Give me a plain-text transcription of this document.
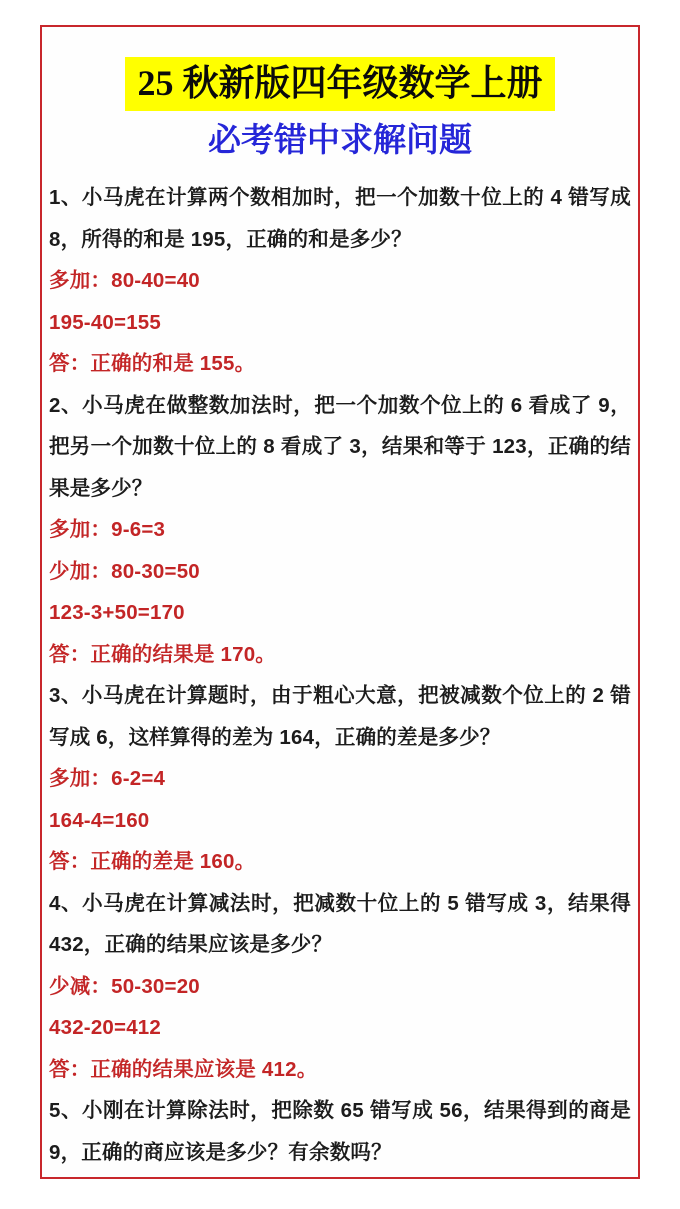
25 秋新版四年级数学上册
必考错中求解问题
1、小马虎在计算两个数相加时，把一个加数十位上的 4 错写成
8，所得的和是 195，正确的和是多少？
多加：80-40=40
195-40=155
答：正确的和是 155。
2、小马虎在做整数加法时，把一个加数个位上的 6 看成了 9，
把另一个加数十位上的 8 看成了 3，结果和等于 123，正确的结
果是多少？
多加：9-6=3
少加：80-30=50
123-3+50=170
答：正确的结果是 170。
3、小马虎在计算题时，由于粗心大意，把被减数个位上的 2 错
写成 6，这样算得的差为 164，正确的差是多少？
多加：6-2=4
164-4=160
答：正确的差是 160。
4、小马虎在计算减法时，把减数十位上的 5 错写成 3，结果得
432，正确的结果应该是多少？
少减：50-30=20
432-20=412
答：正确的结果应该是 412。
5、小刚在计算除法时，把除数 65 错写成 56，结果得到的商是
9，正确的商应该是多少？有余数吗？
